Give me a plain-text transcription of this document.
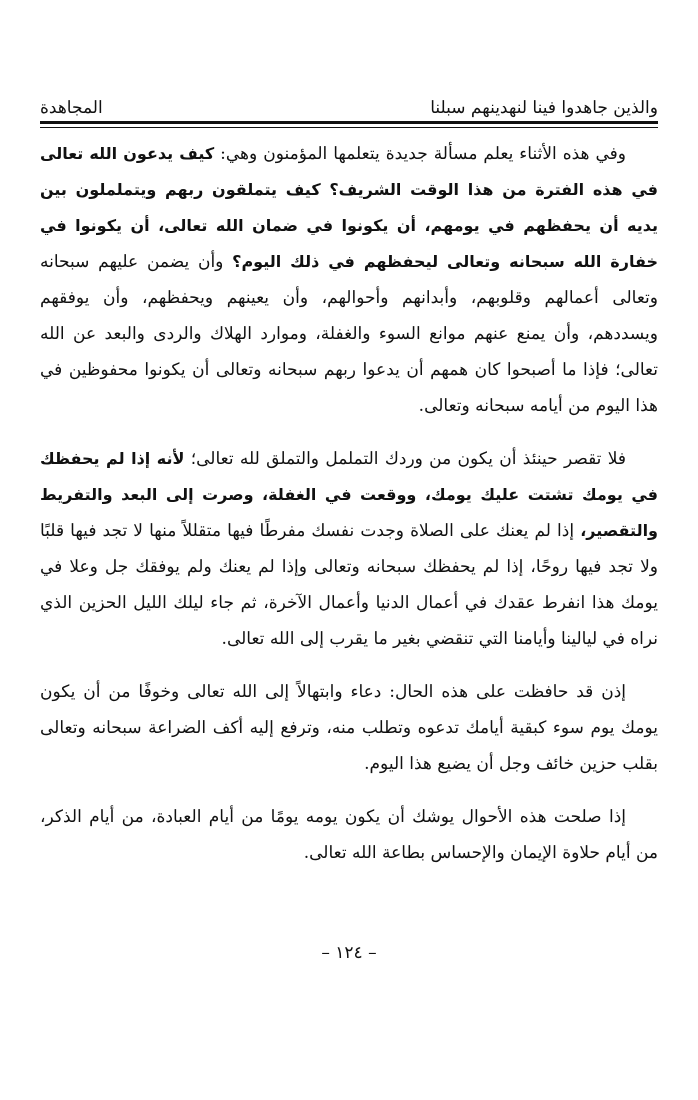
والذين جاهدوا فينا لنهدينهم سبلنا
المجاهدة

وفي هذه الأثناء يعلم مسألة جديدة يتعلمها المؤمنون وهي: كيف يدعون الله تعالى في هذه الفترة من هذا الوقت الشريف؟ كيف يتملقون ربهم ويتململون بين يديه أن يحفظهم في يومهم، أن يكونوا في ضمان الله تعالى، أن يكونوا في خفارة الله سبحانه وتعالى ليحفظهم في ذلك اليوم؟ وأن يضمن عليهم سبحانه وتعالى أعمالهم وقلوبهم، وأبدانهم وأحوالهم، وأن يعينهم ويحفظهم، وأن يوفقهم ويسددهم، وأن يمنع عنهم موانع السوء والغفلة، وموارد الهلاك والردى والبعد عن الله تعالى؛ فإذا ما أصبحوا كان همهم أن يدعوا ربهم سبحانه وتعالى أن يكونوا محفوظين في هذا اليوم من أيامه سبحانه وتعالى.

فلا تقصر حينئذ أن يكون من وردك التململ والتملق لله تعالى؛ لأنه إذا لم يحفظك في يومك تشتت عليك يومك، ووقعت في الغفلة، وصرت إلى البعد والتفريط والتقصير، إذا لم يعنك على الصلاة وجدت نفسك مفرطًا فيها متقللاً منها لا تجد فيها قلبًا ولا تجد فيها روحًا، إذا لم يحفظك سبحانه وتعالى وإذا لم يعنك ولم يوفقك جل وعلا في يومك هذا انفرط عقدك في أعمال الدنيا وأعمال الآخرة، ثم جاء ليلك الليل الحزين الذي نراه في ليالينا وأيامنا التي تنقضي بغير ما يقرب إلى الله تعالى.

إذن قد حافظت على هذه الحال: دعاء وابتهالاً إلى الله تعالى وخوفًا من أن يكون يومك يوم سوء كبقية أيامك تدعوه وتطلب منه، وترفع إليه أكف الضراعة سبحانه وتعالى بقلب حزين خائف وجل أن يضيع هذا اليوم.

إذا صلحت هذه الأحوال يوشك أن يكون يومه يومًا من أيام العبادة، من أيام الذكر، من أيام حلاوة الإيمان والإحساس بطاعة الله تعالى.

– ١٢٤ –
